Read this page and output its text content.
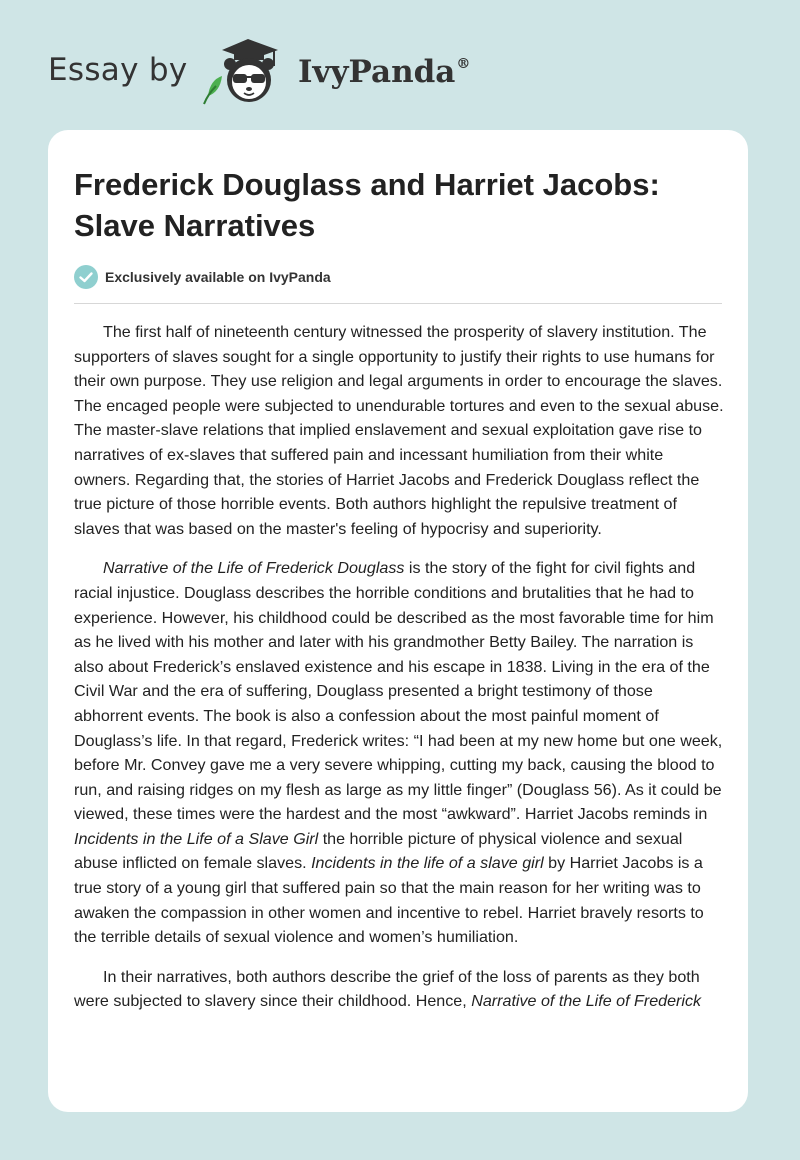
Essay by	IvyPanda®
Frederick Douglass and Harriet Jacobs: Slave Narratives
Exclusively available on IvyPanda

The first half of nineteenth century witnessed the prosperity of slavery institution. The supporters of slaves sought for a single opportunity to justify their rights to use humans for their own purpose. They use religion and legal arguments in order to encourage the slaves. The encaged people were subjected to unendurable tortures and even to the sexual abuse. The master-slave relations that implied enslavement and sexual exploitation gave rise to narratives of ex-slaves that suffered pain and incessant humiliation from their white owners. Regarding that, the stories of Harriet Jacobs and Frederick Douglass reflect the true picture of those horrible events. Both authors highlight the repulsive treatment of slaves that was based on the master's feeling of hypocrisy and superiority.

Narrative of the Life of Frederick Douglass is the story of the fight for civil fights and racial injustice. Douglass describes the horrible conditions and brutalities that he had to experience. However, his childhood could be described as the most favorable time for him as he lived with his mother and later with his grandmother Betty Bailey. The narration is also about Frederick’s enslaved existence and his escape in 1838. Living in the era of the Civil War and the era of suffering, Douglass presented a bright testimony of those abhorrent events. The book is also a confession about the most painful moment of Douglass’s life. In that regard, Frederick writes: “I had been at my new home but one week, before Mr. Convey gave me a very severe whipping, cutting my back, causing the blood to run, and raising ridges on my flesh as large as my little finger” (Douglass 56). As it could be viewed, these times were the hardest and the most “awkward”. Harriet Jacobs reminds in Incidents in the Life of a Slave Girl the horrible picture of physical violence and sexual abuse inflicted on female slaves. Incidents in the life of a slave girl by Harriet Jacobs is a true story of a young girl that suffered pain so that the main reason for her writing was to awaken the compassion in other women and incentive to rebel. Harriet bravely resorts to the terrible details of sexual violence and women’s humiliation.

In their narratives, both authors describe the grief of the loss of parents as they both were subjected to slavery since their childhood. Hence, Narrative of the Life of Frederick
